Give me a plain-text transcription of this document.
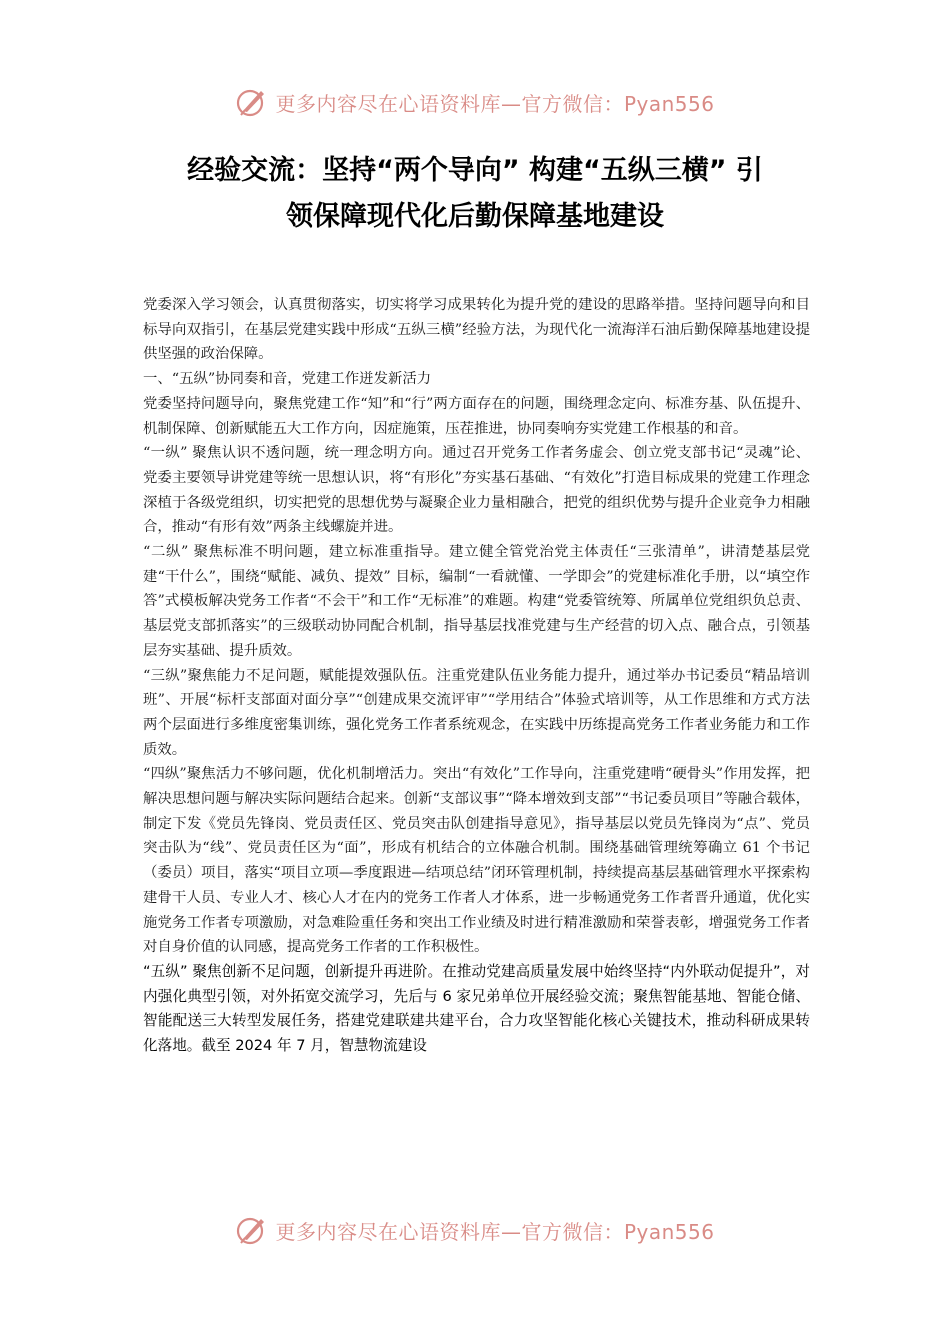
更多内容尽在心语资料库—官方微信：Pyan556
经验交流：坚持“两个导向” 构建“五纵三横” 引
领保障现代化后勤保障基地建设

党委深入学习领会，认真贯彻落实，切实将学习成果转化为提升党的建设的思路举措。坚持问题导向和目标导向双指引，在基层党建实践中形成“五纵三横”经验方法，为现代化一流海洋石油后勤保障基地建设提供坚强的政治保障。

一、“五纵”协同奏和音，党建工作迸发新活力

党委坚持问题导向，聚焦党建工作“知”和“行”两方面存在的问题，围绕理念定向、标准夯基、队伍提升、机制保障、创新赋能五大工作方向，因症施策，压茬推进，协同奏响夯实党建工作根基的和音。

“一纵” 聚焦认识不透问题，统一理念明方向。通过召开党务工作者务虚会、创立党支部书记“灵魂”论、党委主要领导讲党建等统一思想认识，将“有形化”夯实基石基础、“有效化”打造目标成果的党建工作理念深植于各级党组织，切实把党的思想优势与凝聚企业力量相融合，把党的组织优势与提升企业竞争力相融合，推动“有形有效”两条主线螺旋并进。

“二纵” 聚焦标准不明问题，建立标准重指导。建立健全管党治党主体责任“三张清单”，讲清楚基层党建“干什么”，围绕“赋能、减负、提效” 目标，编制“一看就懂、一学即会”的党建标准化手册，以“填空作答”式模板解决党务工作者“不会干”和工作“无标准”的难题。构建“党委管统筹、所属单位党组织负总责、基层党支部抓落实”的三级联动协同配合机制，指导基层找准党建与生产经营的切入点、融合点，引领基层夯实基础、提升质效。

“三纵”聚焦能力不足问题，赋能提效强队伍。注重党建队伍业务能力提升，通过举办书记委员“精品培训班”、开展“标杆支部面对面分享”“创建成果交流评审”“学用结合”体验式培训等，从工作思维和方式方法两个层面进行多维度密集训练，强化党务工作者系统观念，在实践中历练提高党务工作者业务能力和工作质效。

“四纵”聚焦活力不够问题，优化机制增活力。突出“有效化”工作导向，注重党建啃“硬骨头”作用发挥，把解决思想问题与解决实际问题结合起来。创新“支部议事”“降本增效到支部”“书记委员项目”等融合载体，制定下发《党员先锋岗、党员责任区、党员突击队创建指导意见》，指导基层以党员先锋岗为“点”、党员突击队为“线”、党员责任区为“面”，形成有机结合的立体融合机制。围绕基础管理统筹确立 61 个书记（委员）项目，落实“项目立项—季度跟进—结项总结”闭环管理机制，持续提高基层基础管理水平探索构建骨干人员、专业人才、核心人才在内的党务工作者人才体系，进一步畅通党务工作者晋升通道，优化实施党务工作者专项激励，对急难险重任务和突出工作业绩及时进行精准激励和荣誉表彰，增强党务工作者对自身价值的认同感，提高党务工作者的工作积极性。

“五纵” 聚焦创新不足问题，创新提升再进阶。在推动党建高质量发展中始终坚持“内外联动促提升”，对内强化典型引领，对外拓宽交流学习，先后与 6 家兄弟单位开展经验交流；聚焦智能基地、智能仓储、智能配送三大转型发展任务，搭建党建联建共建平台，合力攻坚智能化核心关键技术，推动科研成果转化落地。截至 2024 年 7 月，智慧物流建设

更多内容尽在心语资料库—官方微信：Pyan556
